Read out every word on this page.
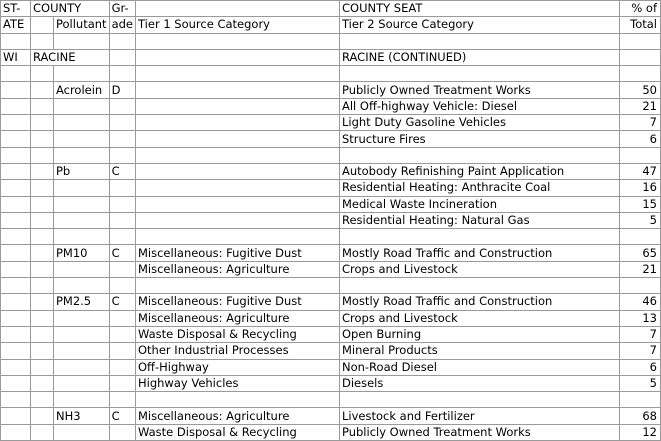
ST-	COUNTY		Gr-		COUNTY SEAT	% of
ATE		Pollutant	ade	Tier 1 Source Category	Tier 2 Source Category	Total

WI	RACINE				RACINE (CONTINUED)	

		Acrolein	D		Publicly Owned Treatment Works	50
					All Off-highway Vehicle: Diesel	21
					Light Duty Gasoline Vehicles	7
					Structure Fires	6

		Pb	C		Autobody Refinishing Paint Application	47
					Residential Heating: Anthracite Coal	16
					Medical Waste Incineration	15
					Residential Heating: Natural Gas	5

		PM10	C	Miscellaneous: Fugitive Dust	Mostly Road Traffic and Construction	65
				Miscellaneous: Agriculture	Crops and Livestock	21

		PM2.5	C	Miscellaneous: Fugitive Dust	Mostly Road Traffic and Construction	46
				Miscellaneous: Agriculture	Crops and Livestock	13
				Waste Disposal & Recycling	Open Burning	7
				Other Industrial Processes	Mineral Products	7
				Off-Highway	Non-Road Diesel	6
				Highway Vehicles	Diesels	5

		NH3	C	Miscellaneous: Agriculture	Livestock and Fertilizer	68
				Waste Disposal & Recycling	Publicly Owned Treatment Works	12
